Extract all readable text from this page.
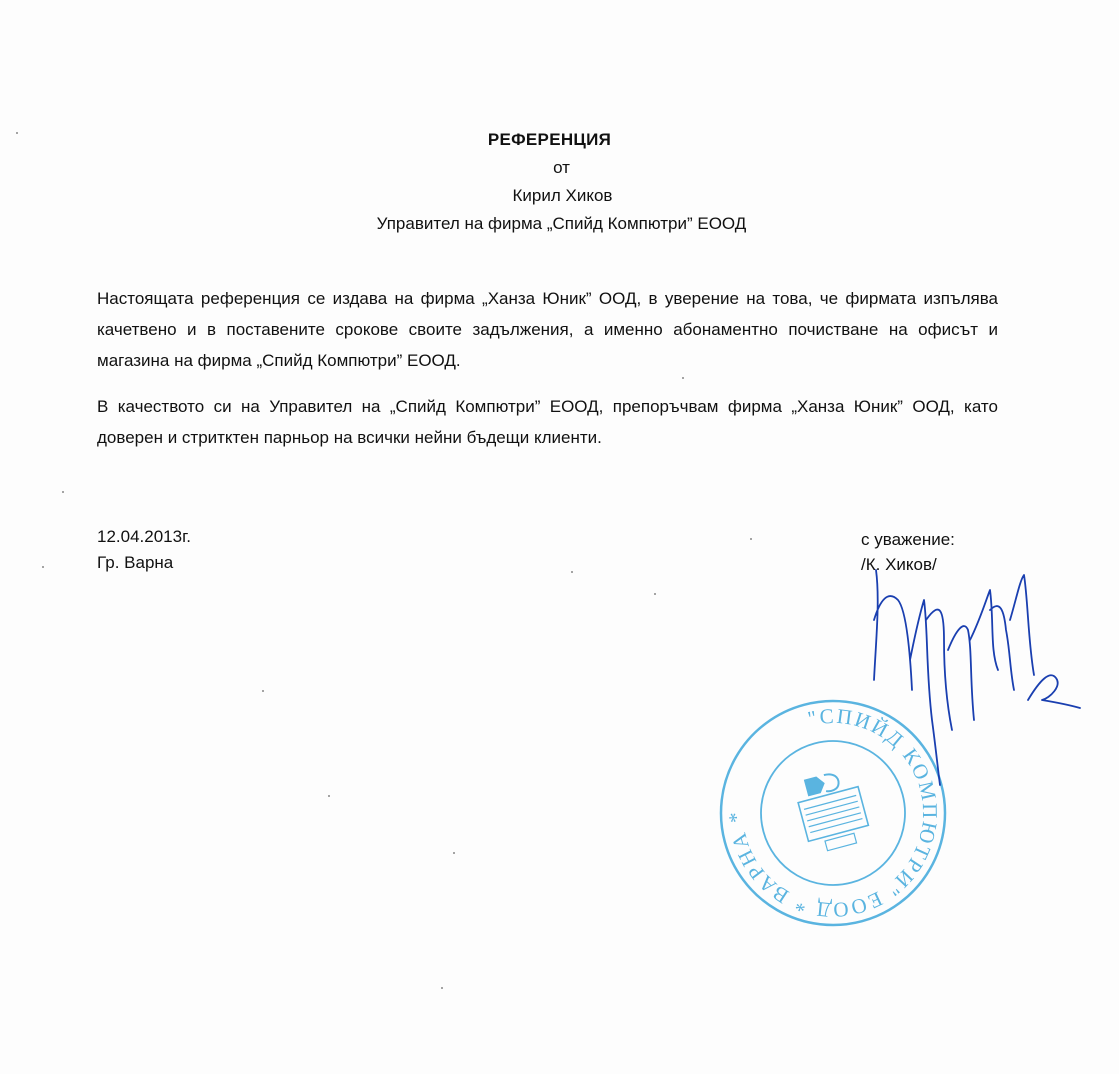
РЕФЕРЕНЦИЯ
от
Кирил Хиков
Управител на фирма „Спийд Компютри” ЕООД
Настоящата референция се издава на фирма „Ханза Юник” ООД, в уверение на това, че фирмата изпълява качетвено и в поставените срокове своите задължения, а именно абонаментно почистване на офисът и магазина на фирма „Спийд Компютри” ЕООД.
В качеството си на Управител на „Спийд Компютри” ЕООД, препоръчвам фирма „Ханза Юник” ООД, като доверен и стритктен парньор на всички нейни бъдещи клиенти.
12.04.2013г.
Гр. Варна
с уважение:
/К. Хиков/
"СПИЙД КОМПЮТРИ" ЕООД * ВАРНА *
